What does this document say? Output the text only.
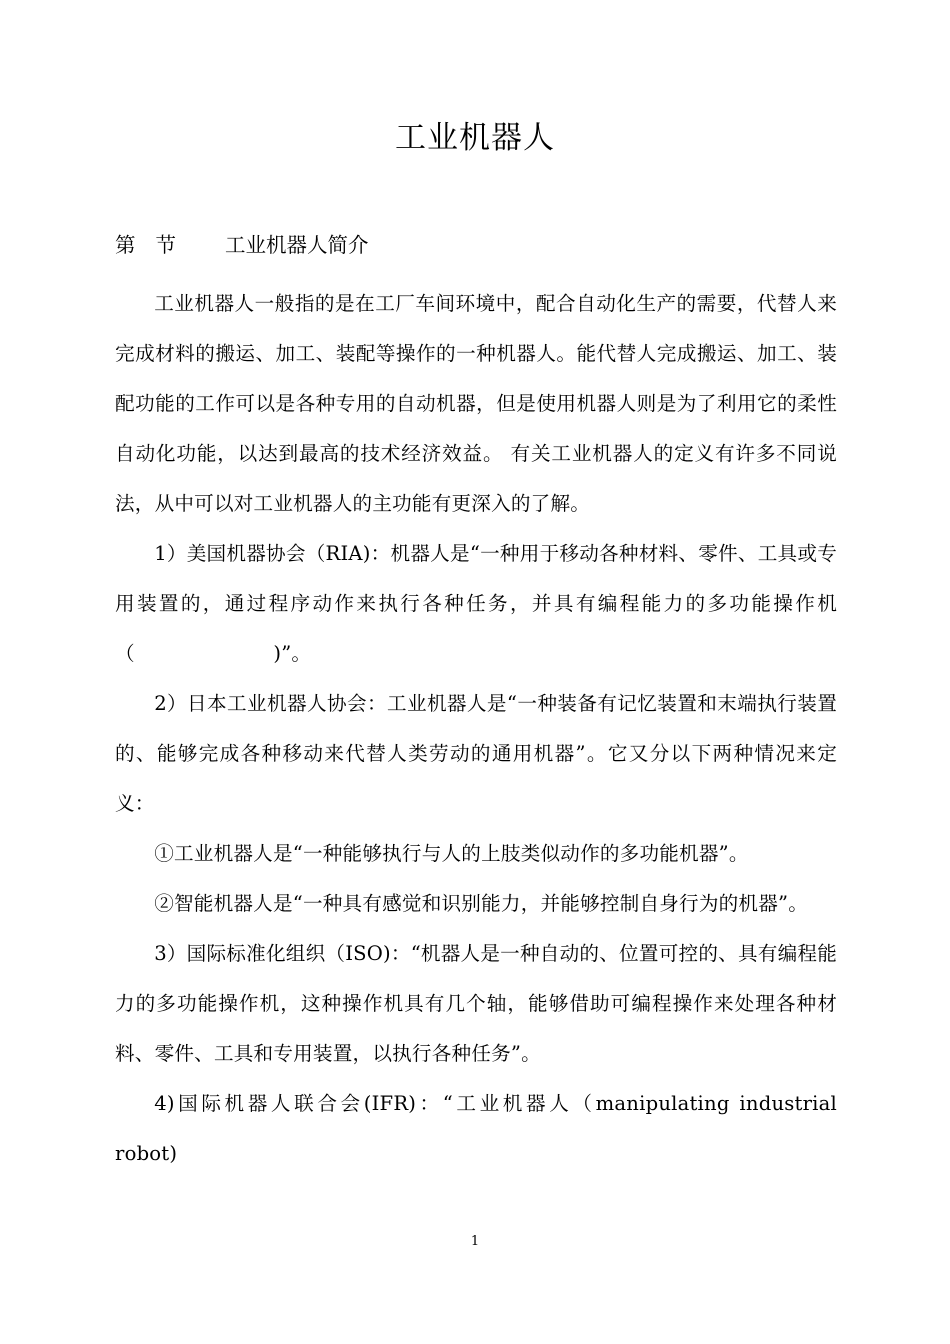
工业机器人
第节 工业机器人简介

工业机器人一般指的是在工厂车间环境中，配合自动化生产的需要，代替人来完成材料的搬运、加工、装配等操作的一种机器人。能代替人完成搬运、加工、装配功能的工作可以是各种专用的自动机器，但是使用机器人则是为了利用它的柔性自动化功能，以达到最高的技术经济效益。 有关工业机器人的定义有许多不同说法，从中可以对工业机器人的主功能有更深入的了解。

1）美国机器协会（RIA)：机器人是“一种用于移动各种材料、零件、工具或专用装置的，通过程序动作来执行各种任务，并具有编程能力的多功能操作机（　　　　　　　)”。

2）日本工业机器人协会：工业机器人是“一种装备有记忆装置和末端执行装置的、能够完成各种移动来代替人类劳动的通用机器”。它又分以下两种情况来定义：

①工业机器人是“一种能够执行与人的上肢类似动作的多功能机器”。

②智能机器人是“一种具有感觉和识别能力，并能够控制自身行为的机器”。

3）国际标准化组织（ISO)：“机器人是一种自动的、位置可控的、具有编程能力的多功能操作机，这种操作机具有几个轴，能够借助可编程操作来处理各种材料、零件、工具和专用装置，以执行各种任务”。

4)国际机器人联合会(IFR)：“工业机器人（manipulating industrial robot)

1
